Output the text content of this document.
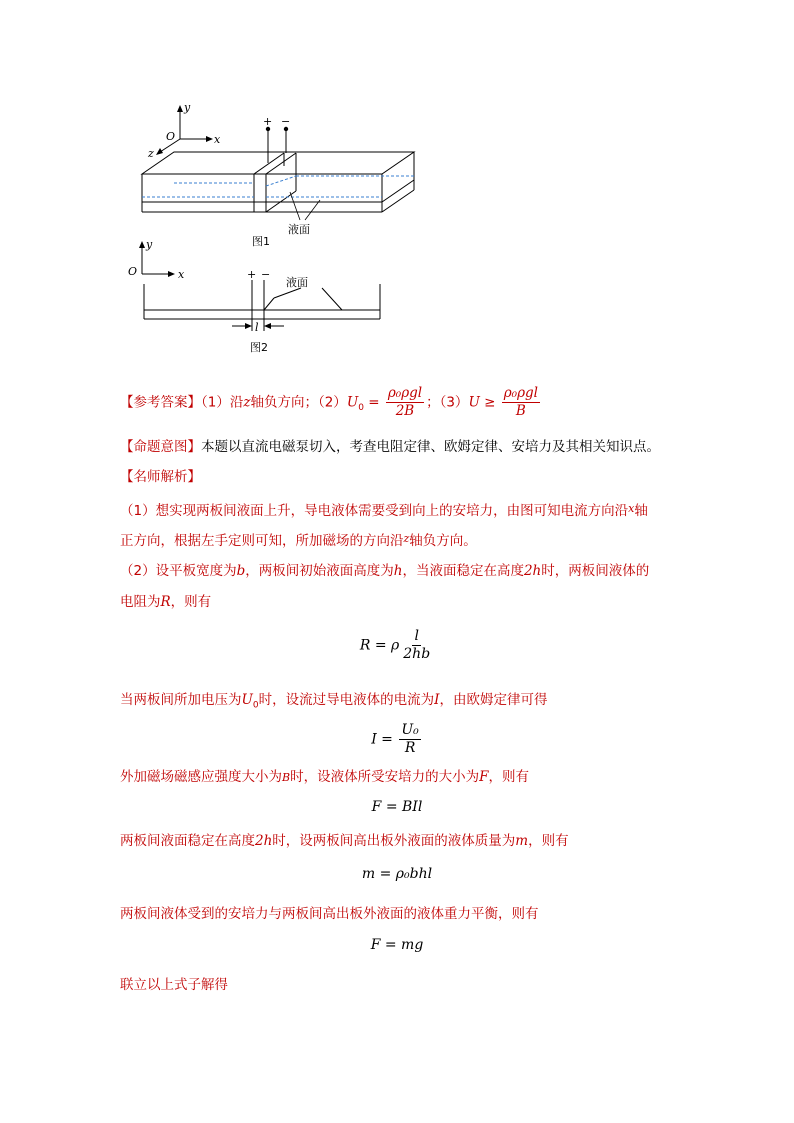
y
O	x
z
+ −
液面
图1
y
O	x	+ −
液面
l
图2
【参考答案】（1）沿z轴负方向；$(2)U_0 = \frac{\text{ρ₀ρgl}}{2B}$ ；$(3)U \ge \frac{\text{ρ₀ρgl}}{B}$
【命题意图】本题以直流电磁泵切入，考查电阻定律、欧姆定律、安培力及其相关知识点。
【名师解析】
（1）想实现两板间液面上升，导电液体需要受到向上的安培力，由图可知电流方向沿$^x$轴
正方向，根据左手定则可知，所加磁场的方向沿$^z$轴负方向。
（2）设平板宽度为b，两板间初始液面高度为h，当液面稳定在高度2h时，两板间液体的
电阻为R，则有
R = ρ $\frac{l}{2hb}$
当两板间所加电压为$U_0$时，设流过导电液体的电流为I，由欧姆定律可得
$I = \frac{\text{U₀}}{R}$
外加磁场磁感应强度大小为B时，设液体所受安培力的大小为F，则有
F = BIl
两板间液面稳定在高度2h时，设两板间高出板外液面的液体质量为m，则有
m = ρ₀bhl
两板间液体受到的安培力与两板间高出板外液面的液体重力平衡，则有
F = mg
联立以上式子解得
